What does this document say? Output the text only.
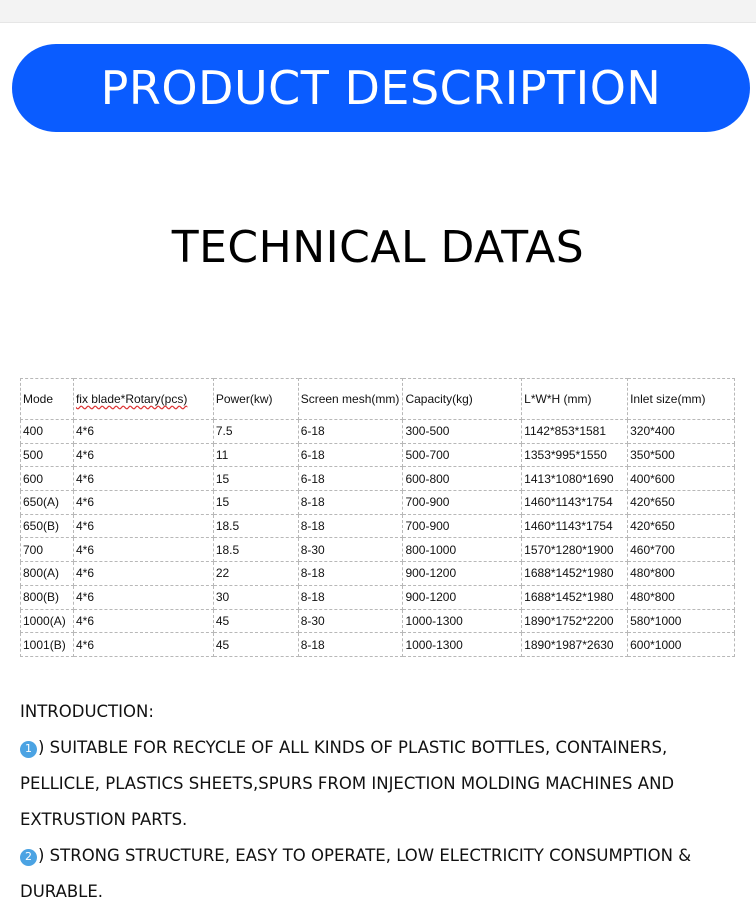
PRODUCT DESCRIPTION
TECHNICAL DATAS
Mode	fix blade*Rotary(pcs)	Power(kw)	Screen mesh(mm)	Capacity(kg)	L*W*H (mm)	Inlet size(mm)
400	4*6	7.5	6-18	300-500	1142*853*1581	320*400
500	4*6	11	6-18	500-700	1353*995*1550	350*500
600	4*6	15	6-18	600-800	1413*1080*1690	400*600
650(A)	4*6	15	8-18	700-900	1460*1143*1754	420*650
650(B)	4*6	18.5	8-18	700-900	1460*1143*1754	420*650
700	4*6	18.5	8-30	800-1000	1570*1280*1900	460*700
800(A)	4*6	22	8-18	900-1200	1688*1452*1980	480*800
800(B)	4*6	30	8-18	900-1200	1688*1452*1980	480*800
1000(A)	4*6	45	8-30	1000-1300	1890*1752*2200	580*1000
1001(B)	4*6	45	8-18	1000-1300	1890*1987*2630	600*1000

INTRODUCTION:

1 ) SUITABLE FOR RECYCLE OF ALL KINDS OF PLASTIC BOTTLES, CONTAINERS, PELLICLE, PLASTICS SHEETS,SPURS FROM INJECTION MOLDING MACHINES AND EXTRUSTION PARTS.

2 ) STRONG STRUCTURE, EASY TO OPERATE, LOW ELECTRICITY CONSUMPTION & DURABLE.
